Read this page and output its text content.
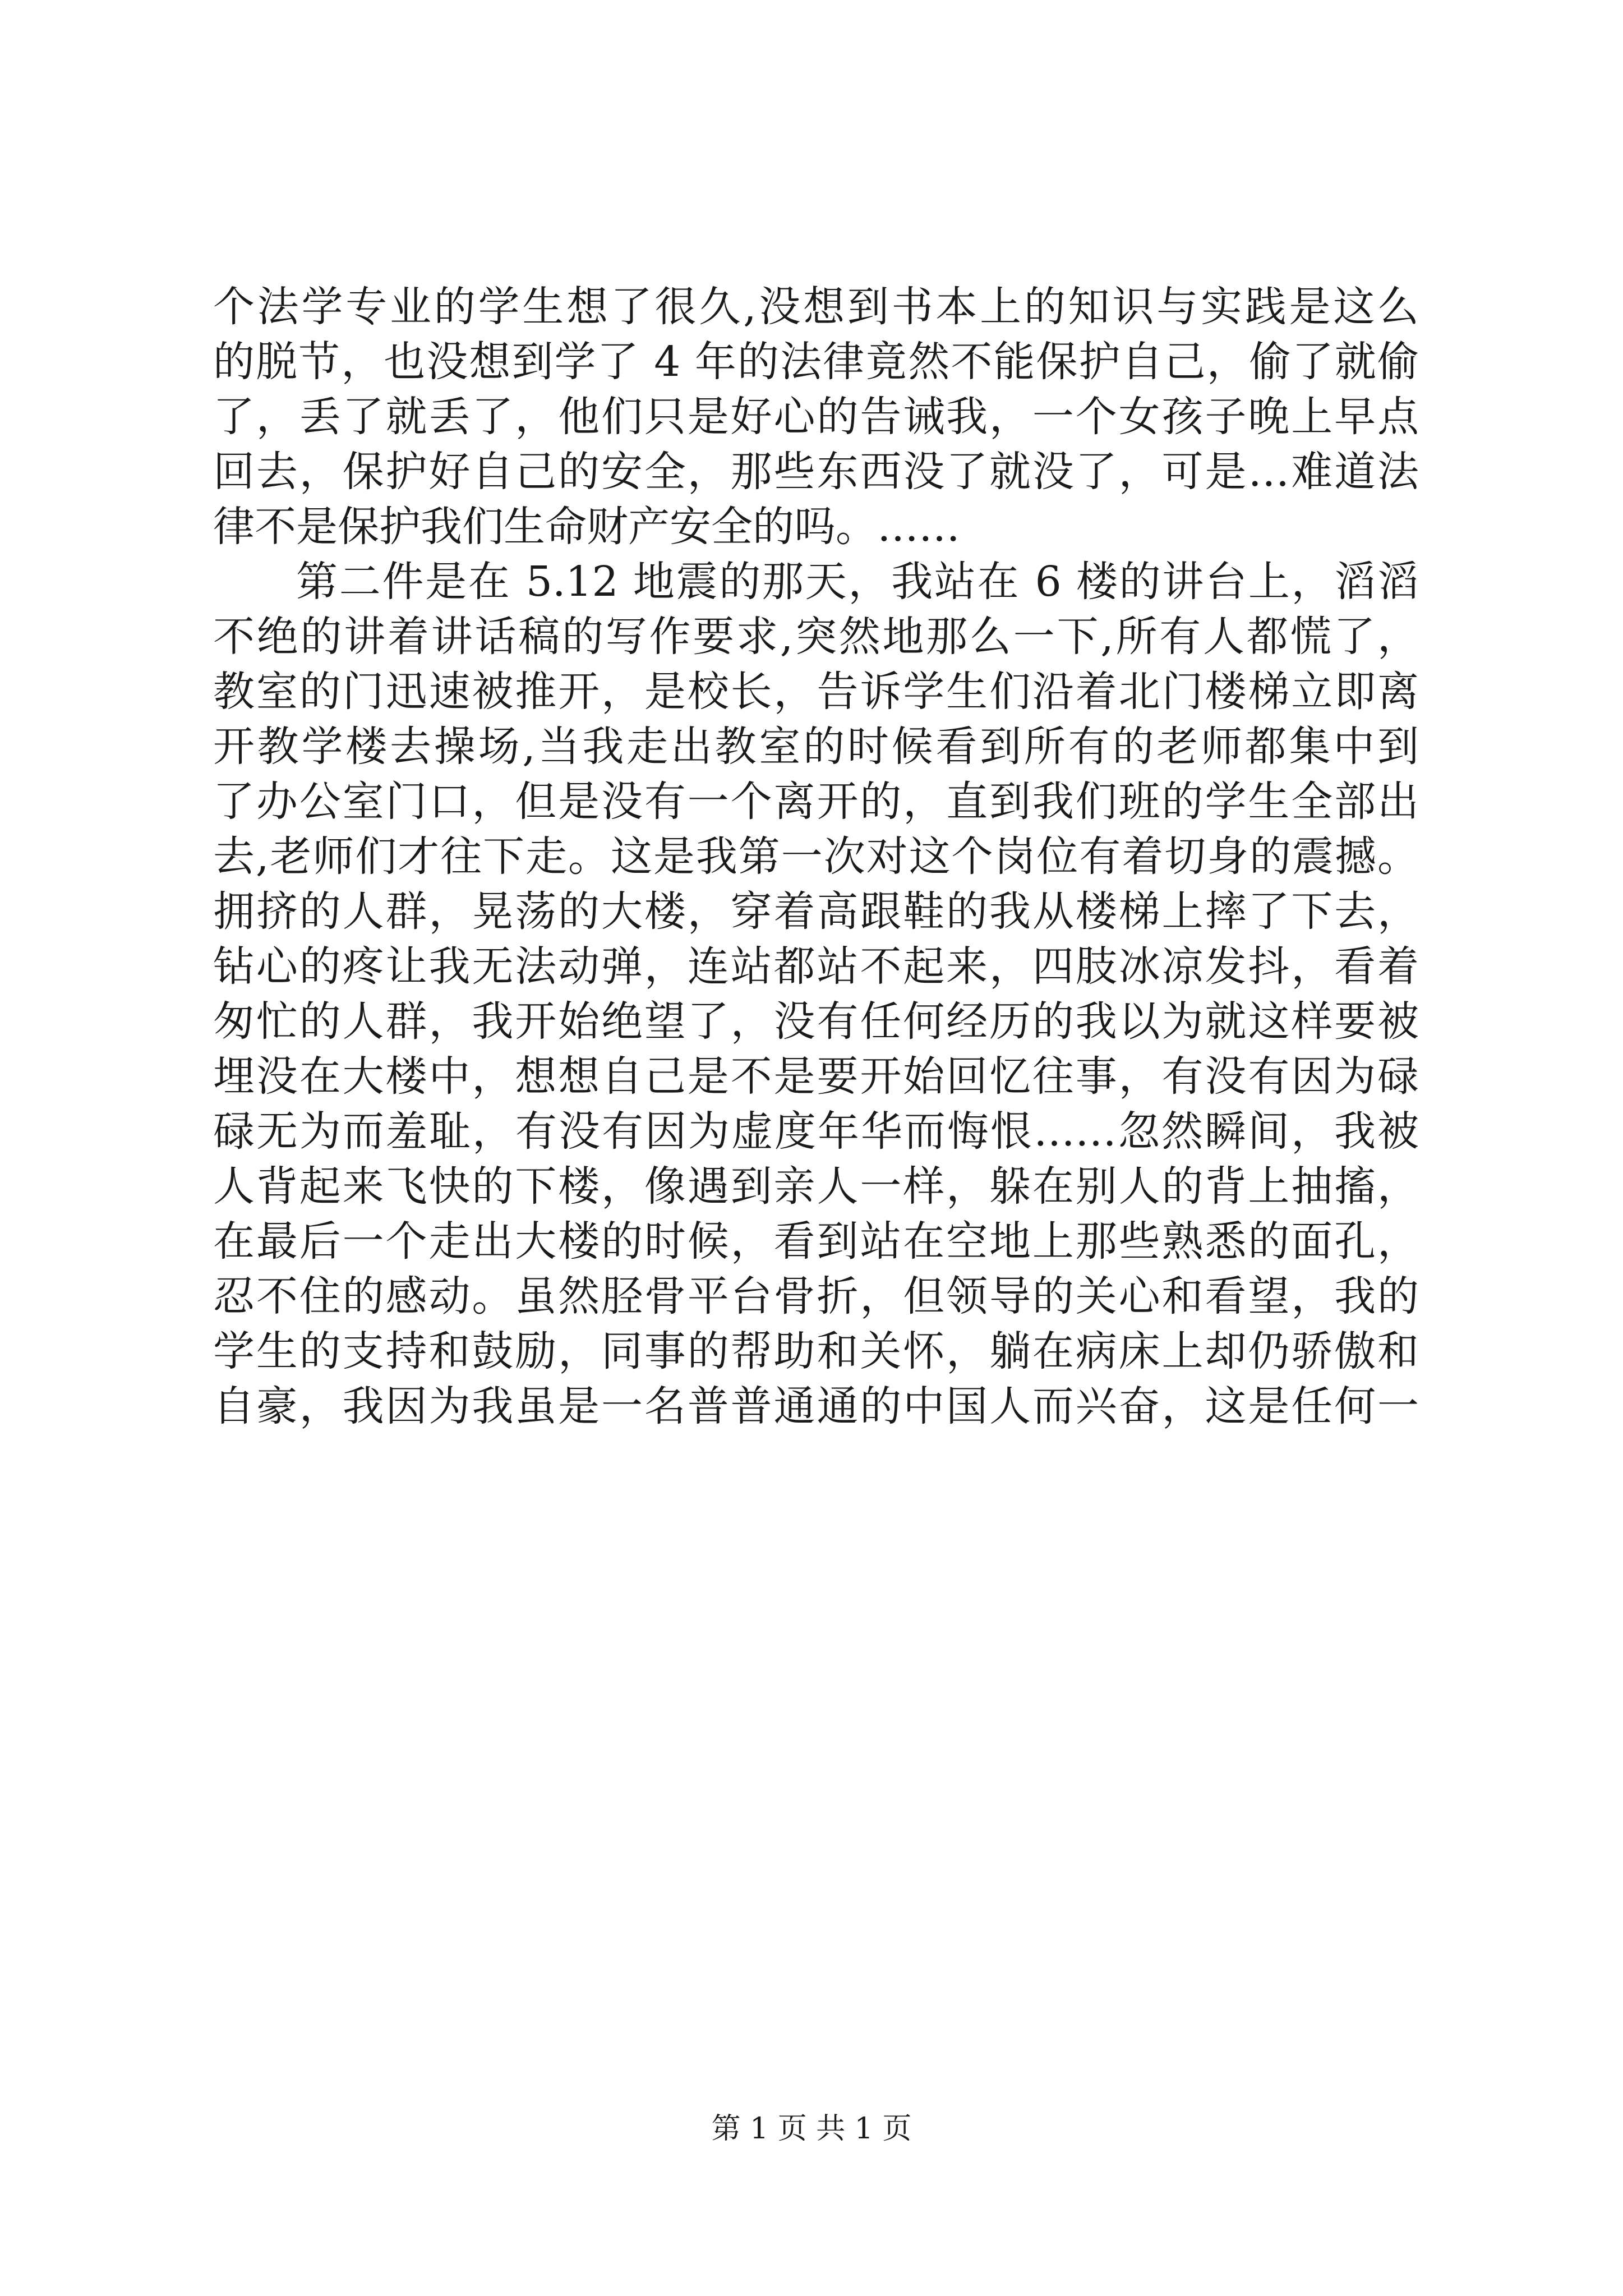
个法学专业的学生想了很久,没想到书本上的知识与实践是这么
的脱节，也没想到学了 4 年的法律竟然不能保护自己，偷了就偷
了，丢了就丢了，他们只是好心的告诫我，一个女孩子晚上早点
回去，保护好自己的安全，那些东西没了就没了，可是…难道法
律不是保护我们生命财产安全的吗。……
第二件是在 5.12 地震的那天，我站在 6 楼的讲台上，滔滔
不绝的讲着讲话稿的写作要求,突然地那么一下,所有人都慌了，
教室的门迅速被推开，是校长，告诉学生们沿着北门楼梯立即离
开教学楼去操场,当我走出教室的时候看到所有的老师都集中到
了办公室门口，但是没有一个离开的，直到我们班的学生全部出
去,老师们才往下走。这是我第一次对这个岗位有着切身的震撼。
拥挤的人群，晃荡的大楼，穿着高跟鞋的我从楼梯上摔了下去，
钻心的疼让我无法动弹，连站都站不起来，四肢冰凉发抖，看着
匆忙的人群，我开始绝望了，没有任何经历的我以为就这样要被
埋没在大楼中，想想自己是不是要开始回忆往事，有没有因为碌
碌无为而羞耻，有没有因为虚度年华而悔恨……忽然瞬间，我被
人背起来飞快的下楼，像遇到亲人一样，躲在别人的背上抽搐，
在最后一个走出大楼的时候，看到站在空地上那些熟悉的面孔，
忍不住的感动。虽然胫骨平台骨折，但领导的关心和看望，我的
学生的支持和鼓励，同事的帮助和关怀，躺在病床上却仍骄傲和
自豪，我因为我虽是一名普普通通的中国人而兴奋，这是任何一
第 1 页 共 1 页
